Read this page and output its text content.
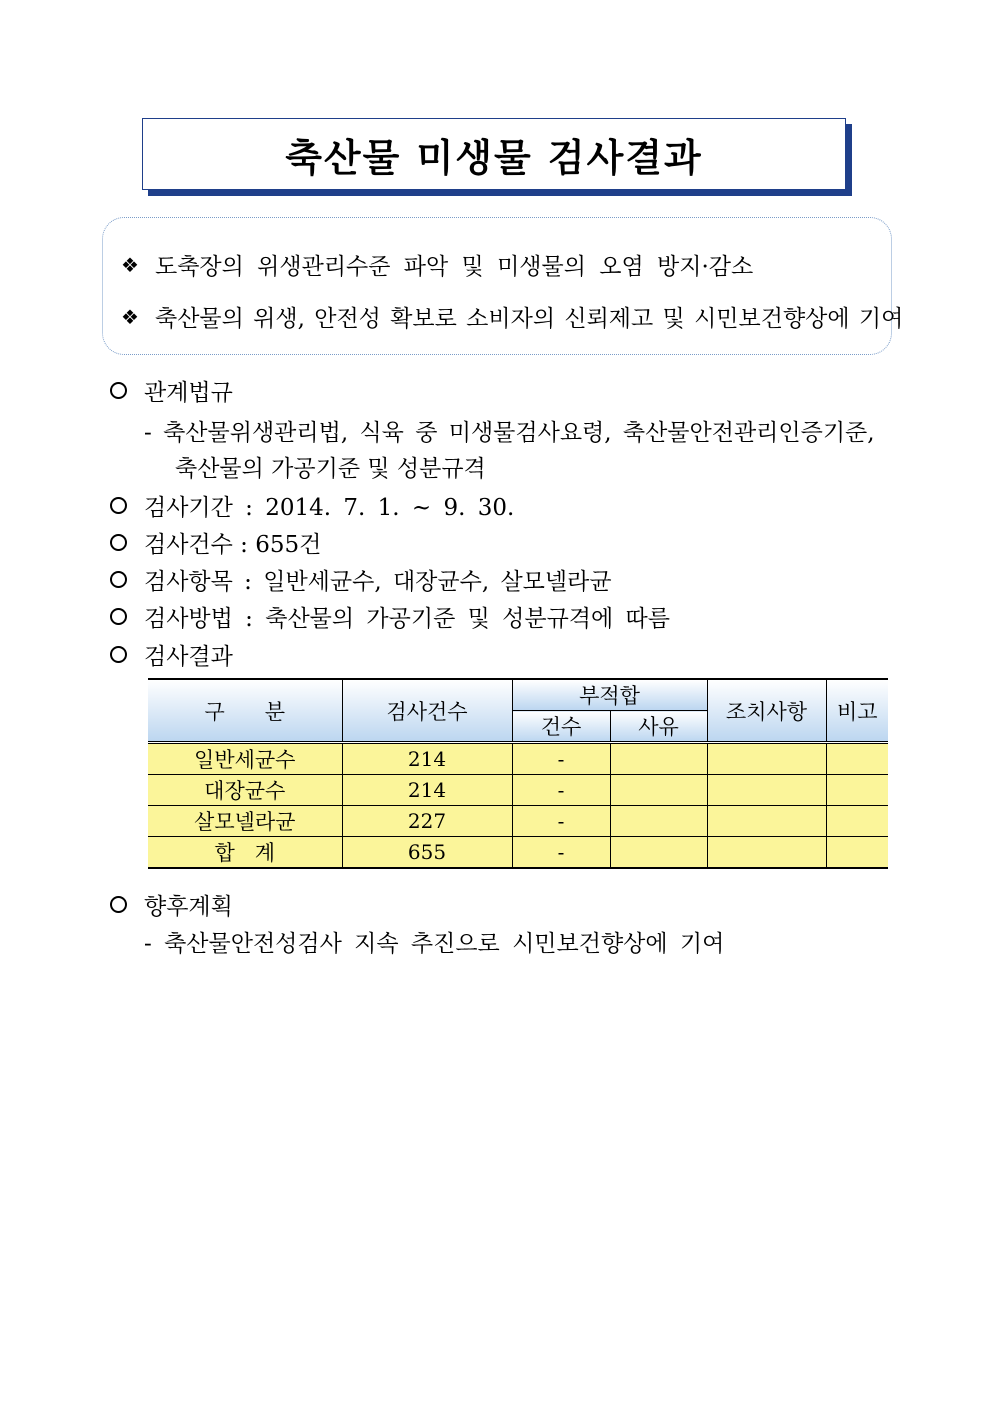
축산물 미생물 검사결과
❖ 도축장의 위생관리수준 파악 및 미생물의 오염 방지·감소
❖ 축산물의 위생, 안전성 확보로 소비자의 신뢰제고 및 시민보건향상에 기여
관계법규
- 축산물위생관리법, 식육 중 미생물검사요령, 축산물안전관리인증기준,
축산물의 가공기준 및 성분규격
검사기간 : 2014. 7. 1. ~ 9. 30.
검사건수 : 655건
검사항목 : 일반세균수, 대장균수, 살모넬라균
검사방법 : 축산물의 가공기준 및 성분규격에 따름
검사결과
구      분	검사건수	부적합		조치사항	비고
		건수	사유		
일반세균수	214	-			
대장균수	214	-			
살모넬라균	227	-			
합   계	655	-			
향후계획
- 축산물안전성검사 지속 추진으로 시민보건향상에 기여
